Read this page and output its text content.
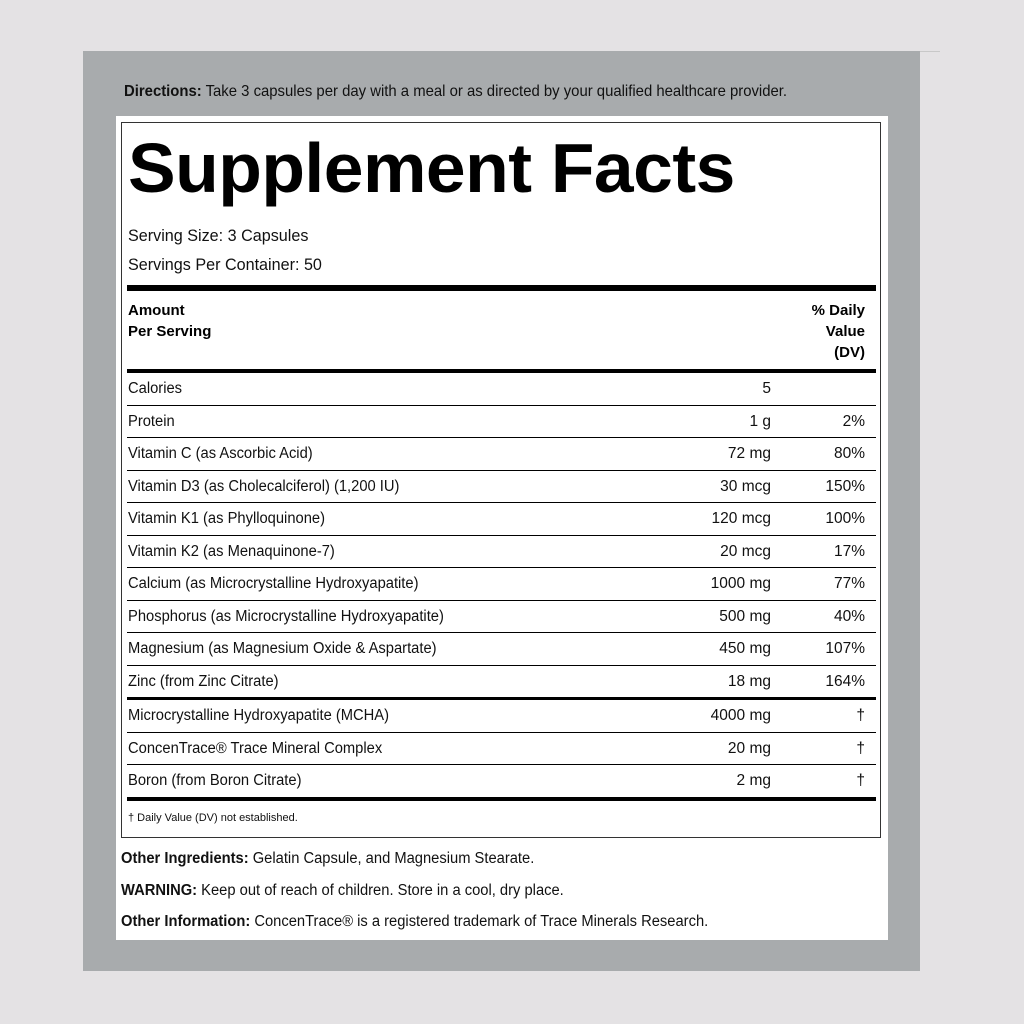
Directions: Take 3 capsules per day with a meal or as directed by your qualified healthcare provider.
Supplement Facts
Serving Size: 3 Capsules
Servings Per Container: 50
Amount
Per Serving
% Daily
Value
(DV)
Calories	5
Protein	1 g	2%
Vitamin C (as Ascorbic Acid)	72 mg	80%
Vitamin D3 (as Cholecalciferol) (1,200 IU)	30 mcg	150%
Vitamin K1 (as Phylloquinone)	120 mcg	100%
Vitamin K2 (as Menaquinone-7)	20 mcg	17%
Calcium (as Microcrystalline Hydroxyapatite)	1000 mg	77%
Phosphorus (as Microcrystalline Hydroxyapatite)	500 mg	40%
Magnesium (as Magnesium Oxide & Aspartate)	450 mg	107%
Zinc (from Zinc Citrate)	18 mg	164%
Microcrystalline Hydroxyapatite (MCHA)	4000 mg	†
ConcenTrace® Trace Mineral Complex	20 mg	†
Boron (from Boron Citrate)	2 mg	†
† Daily Value (DV) not established.
Other Ingredients: Gelatin Capsule, and Magnesium Stearate.
WARNING: Keep out of reach of children. Store in a cool, dry place.
Other Information: ConcenTrace® is a registered trademark of Trace Minerals Research.
